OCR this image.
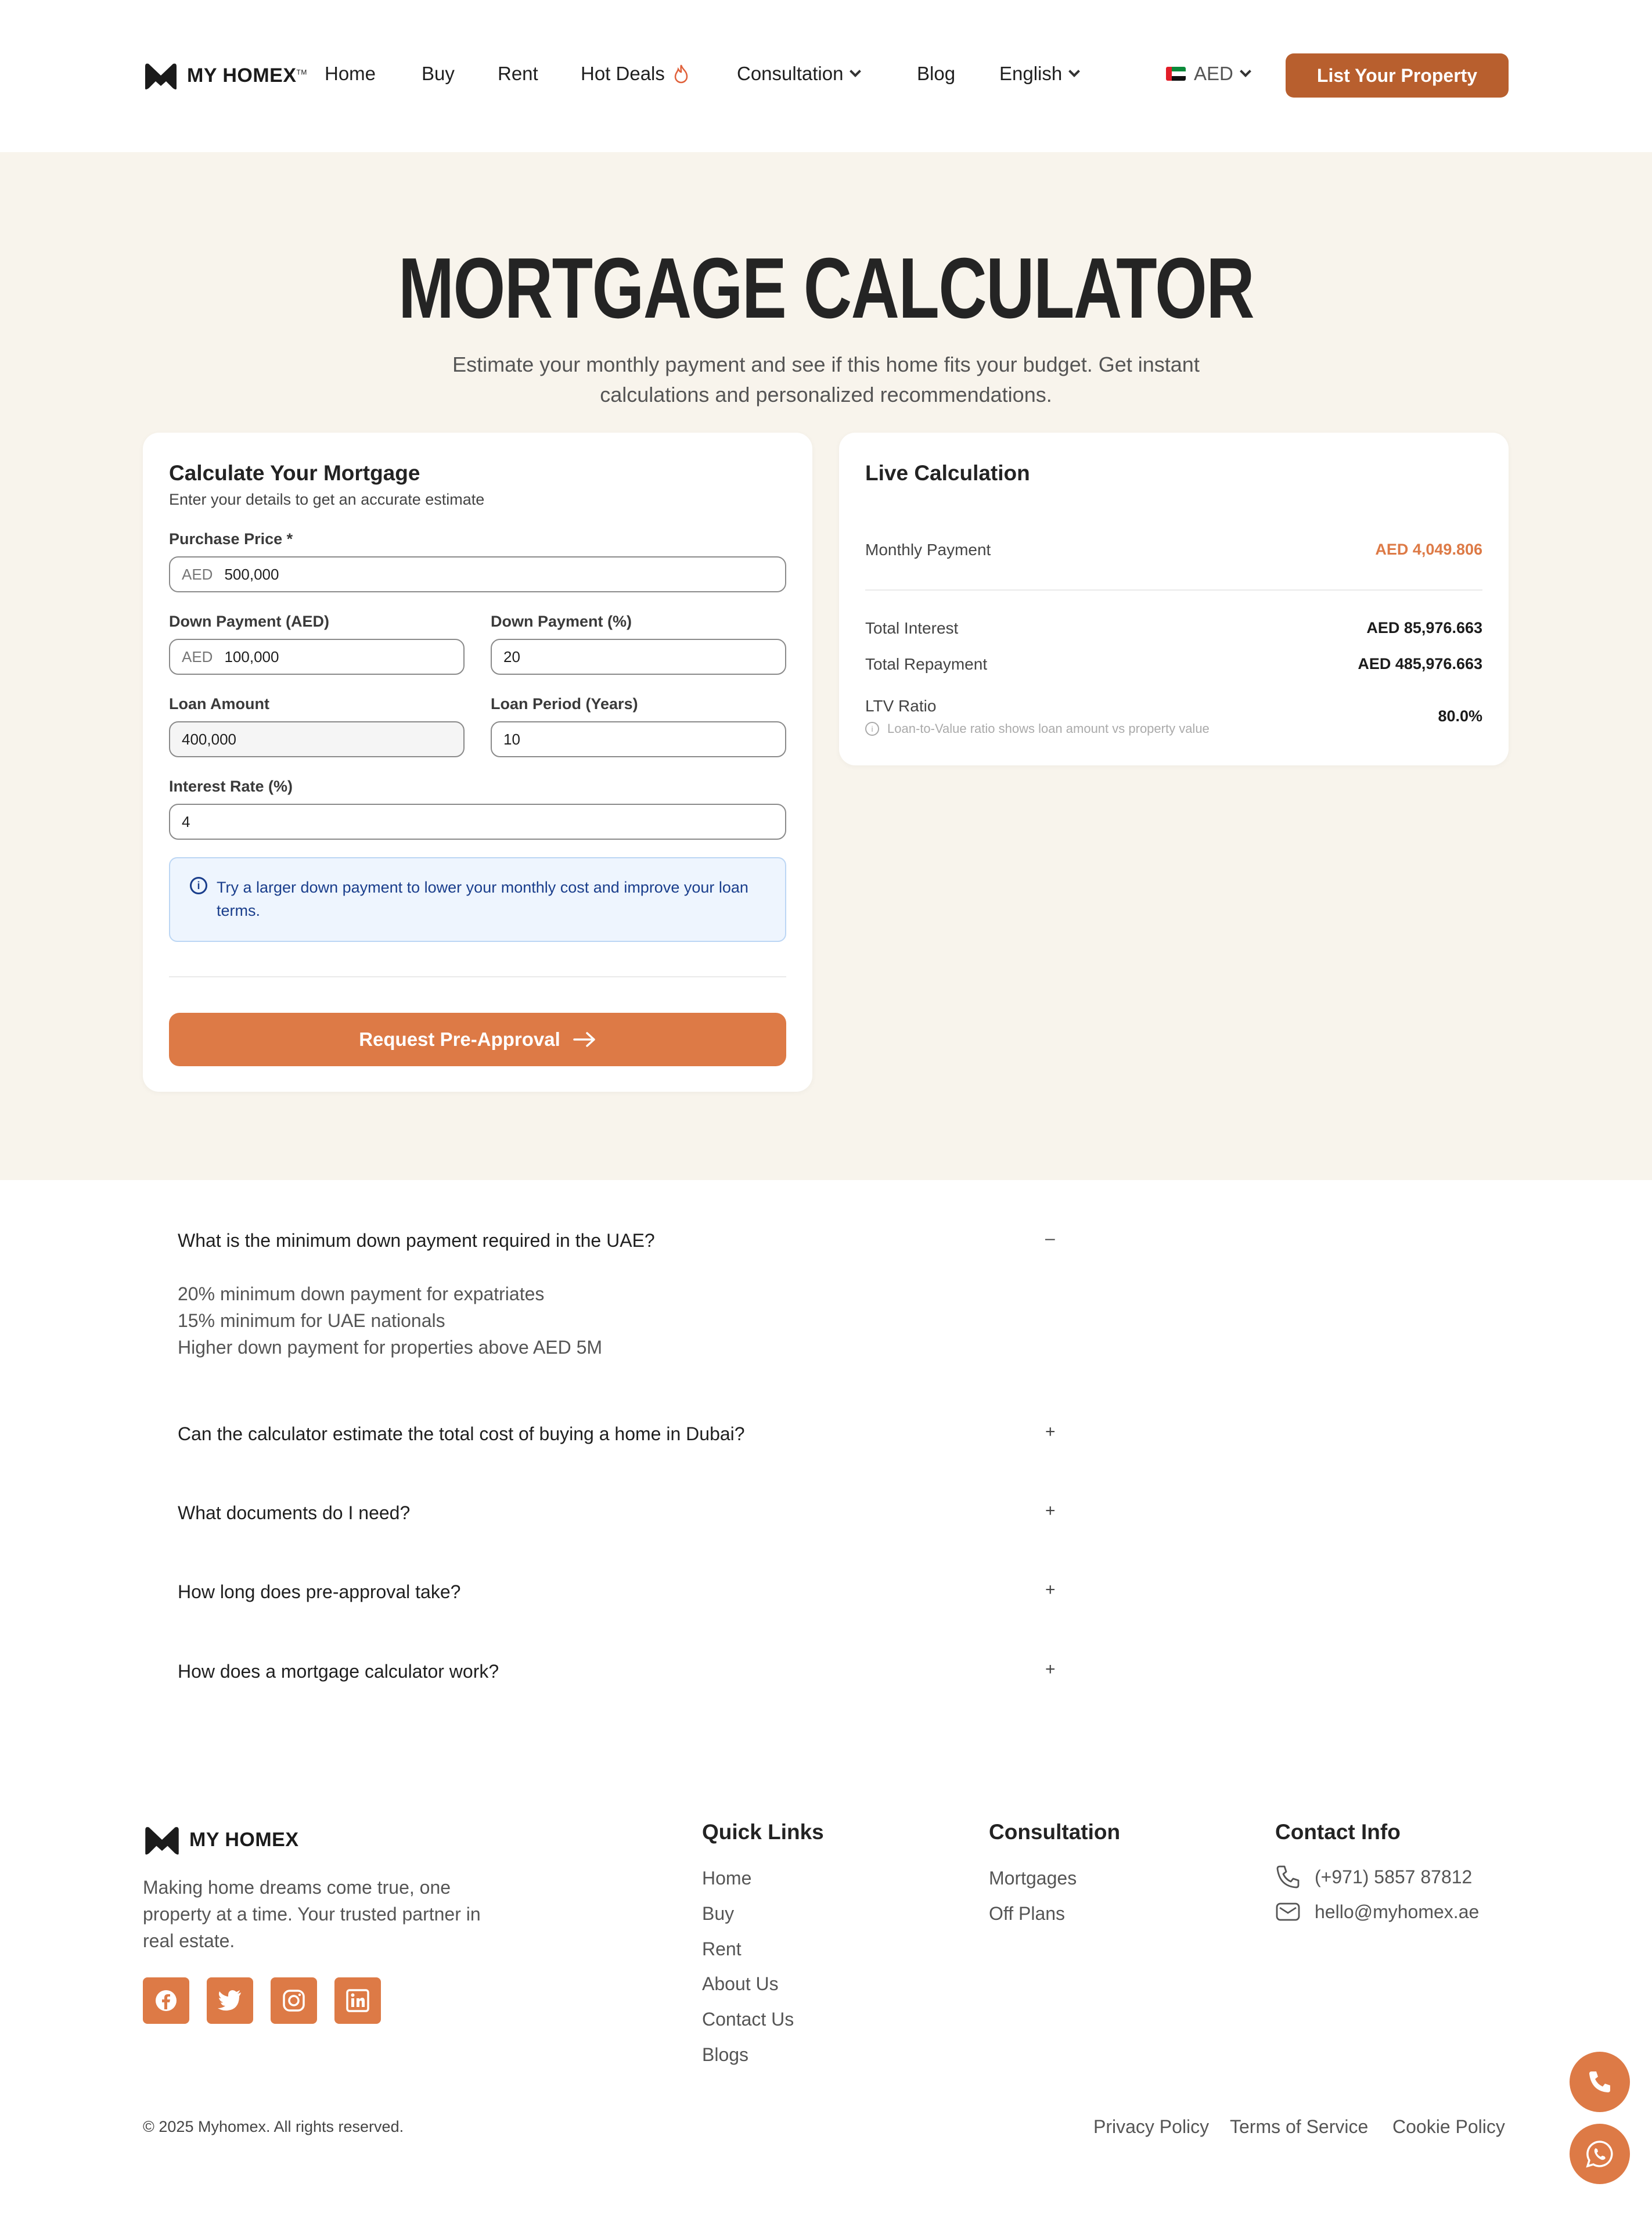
MY HOMEX™ Home Buy Rent Hot Deals	Consultation	Blog English	AED	List Your Property
MORTGAGE CALCULATOR
Estimate your monthly payment and see if this home fits your budget. Get instant calculations and personalized recommendations.
Calculate Your Mortgage
Enter your details to get an accurate estimate
Purchase Price *
AED 500,000
Down Payment (AED)
AED 100,000
Down Payment (%)
20
Loan Amount
400,000
Loan Period (Years)
10
Interest Rate (%)
4
i	Try a larger down payment to lower your monthly cost and improve your loan terms.
Request Pre-Approval
Live Calculation
Monthly Payment	AED 4,049.806
Total Interest	AED 85,976.663
Total Repayment	AED 485,976.663
LTV Ratio
i	Loan-to-Value ratio shows loan amount vs property value
80.0%
What is the minimum down payment required in the UAE?	–
20% minimum down payment for expatriates
15% minimum for UAE nationals
Higher down payment for properties above AED 5M
Can the calculator estimate the total cost of buying a home in Dubai?	+
What documents do I need?	+
How long does pre-approval take?	+
How does a mortgage calculator work?	+
MY HOMEX
Making home dreams come true, one property at a time. Your trusted partner in real estate.
Quick Links
Home
Buy
Rent
About Us
Contact Us
Blogs
Consultation
Mortgages
Off Plans
Contact Info
(+971) 5857 87812
hello@myhomex.ae
© 2025 Myhomex. All rights reserved.	Privacy Policy Terms of Service Cookie Policy
